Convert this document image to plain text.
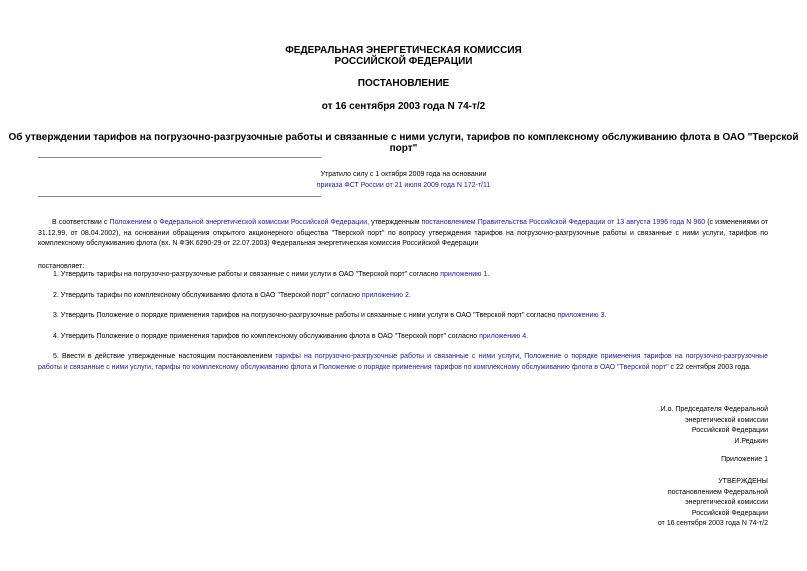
ФЕДЕРАЛЬНАЯ ЭНЕРГЕТИЧЕСКАЯ КОМИССИЯ
РОССИЙСКОЙ ФЕДЕРАЦИИ
ПОСТАНОВЛЕНИЕ
от 16 сентября 2003 года N 74-т/2
Об утверждении тарифов на погрузочно-разгрузочные работы и связанные с ними услуги, тарифов по комплексному обслуживанию флота в ОАО "Тверской порт"
Утратило силу с 1 октября 2009 года на основании
приказа ФСТ России от 21 июля 2009 года N 172-т/11
В соответствии с Положением о Федеральной энергетической комиссии Российской Федерации, утвержденным постановлением Правительства Российской Федерации от 13 августа 1996 года N 960 (с изменениями от 31.12.99, от 08.04.2002), на основании обращения открытого акционерного общества "Тверской порт" по вопросу утверждения тарифов на погрузочно-разгрузочные работы и связанные с ними услуги, тарифов по комплексному обслуживанию флота (вх. N ФЭК 6290-29 от 22.07.2003) Федеральная энергетическая комиссия Российской Федерации
постановляет:
1. Утвердить тарифы на погрузочно-разгрузочные работы и связанные с ними услуги в ОАО "Тверской порт" согласно приложению 1.
2. Утвердить тарифы по комплексному обслуживанию флота в ОАО "Тверской порт" согласно приложению 2.
3. Утвердить Положение о порядке применения тарифов на погрузочно-разгрузочные работы и связанные с ними услуги в ОАО "Тверской порт" согласно приложению 3.
4. Утвердить Положение о порядке применения тарифов по комплексному обслуживанию флота в ОАО "Тверской порт" согласно приложению 4.
5. Ввести в действие утвержденные настоящим постановлением тарифы на погрузочно-разгрузочные работы и связанные с ними услуги, Положение о порядке применения тарифов на погрузочно-разгрузочные работы и связанные с ними услуги, тарифы по комплексному обслуживанию флота и Положение о порядке применения тарифов по комплексному обслуживанию флота в ОАО "Тверской порт" с 22 сентября 2003 года.
И.о. Председателя Федеральной
энергетической комиссии
Российской Федерации
И.Редькин
Приложение 1
УТВЕРЖДЕНЫ
постановлением Федеральной
энергетической комиссии
Российской Федерации
от 16 сентября 2003 года N 74-т/2
